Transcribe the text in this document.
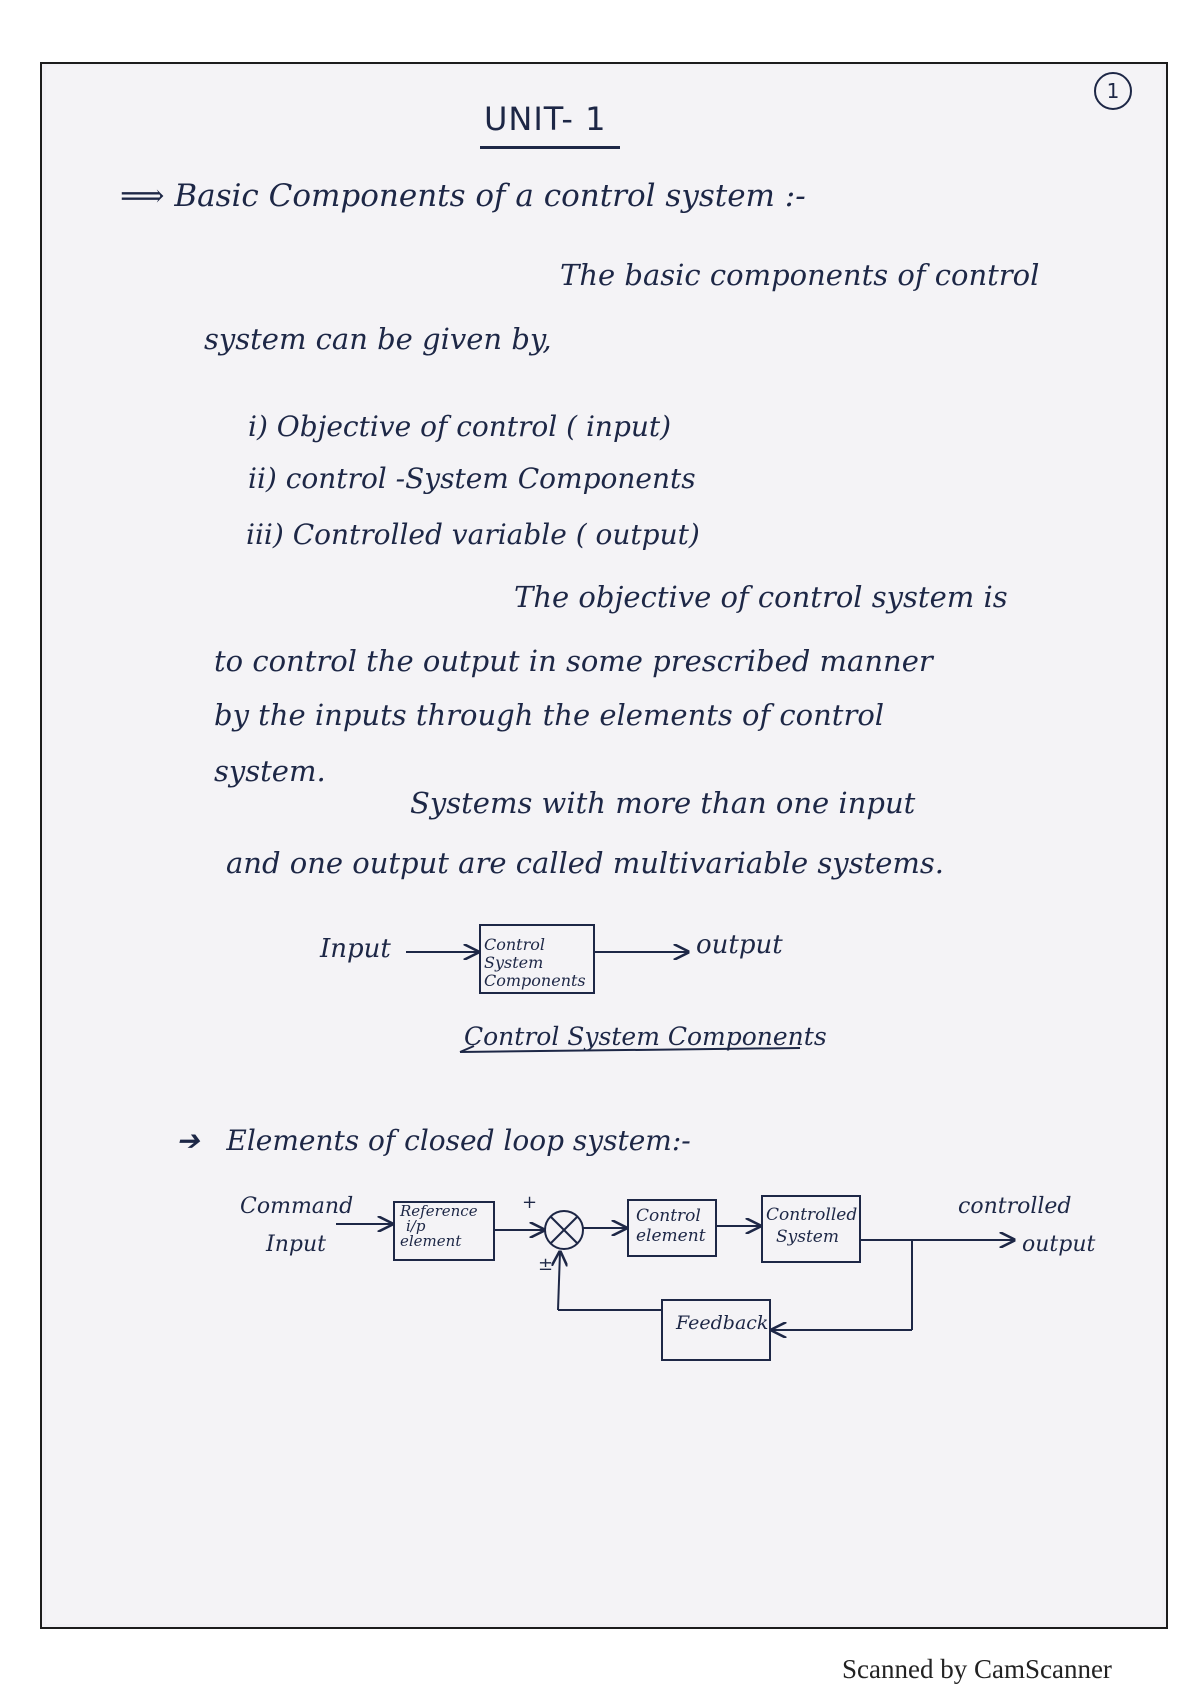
1
UNIT- 1
⟹ Basic Components of a control system :-
The basic components of control
system can be given by,
i) Objective of control ( input)
ii) control -System Components
iii) Controlled variable ( output)
The objective of control system is
to control the output in some prescribed manner
by the inputs through the elements of control
system.
Systems with more than one input
and one output are called multivariable systems.
Input	output
Control
System
Components
Control System Components
➔ Elements of closed loop system:-
Command
Input
Reference
i/p
element
+
±
Control
element
Controlled
System
controlled
output
Feedback
Scanned by CamScanner
